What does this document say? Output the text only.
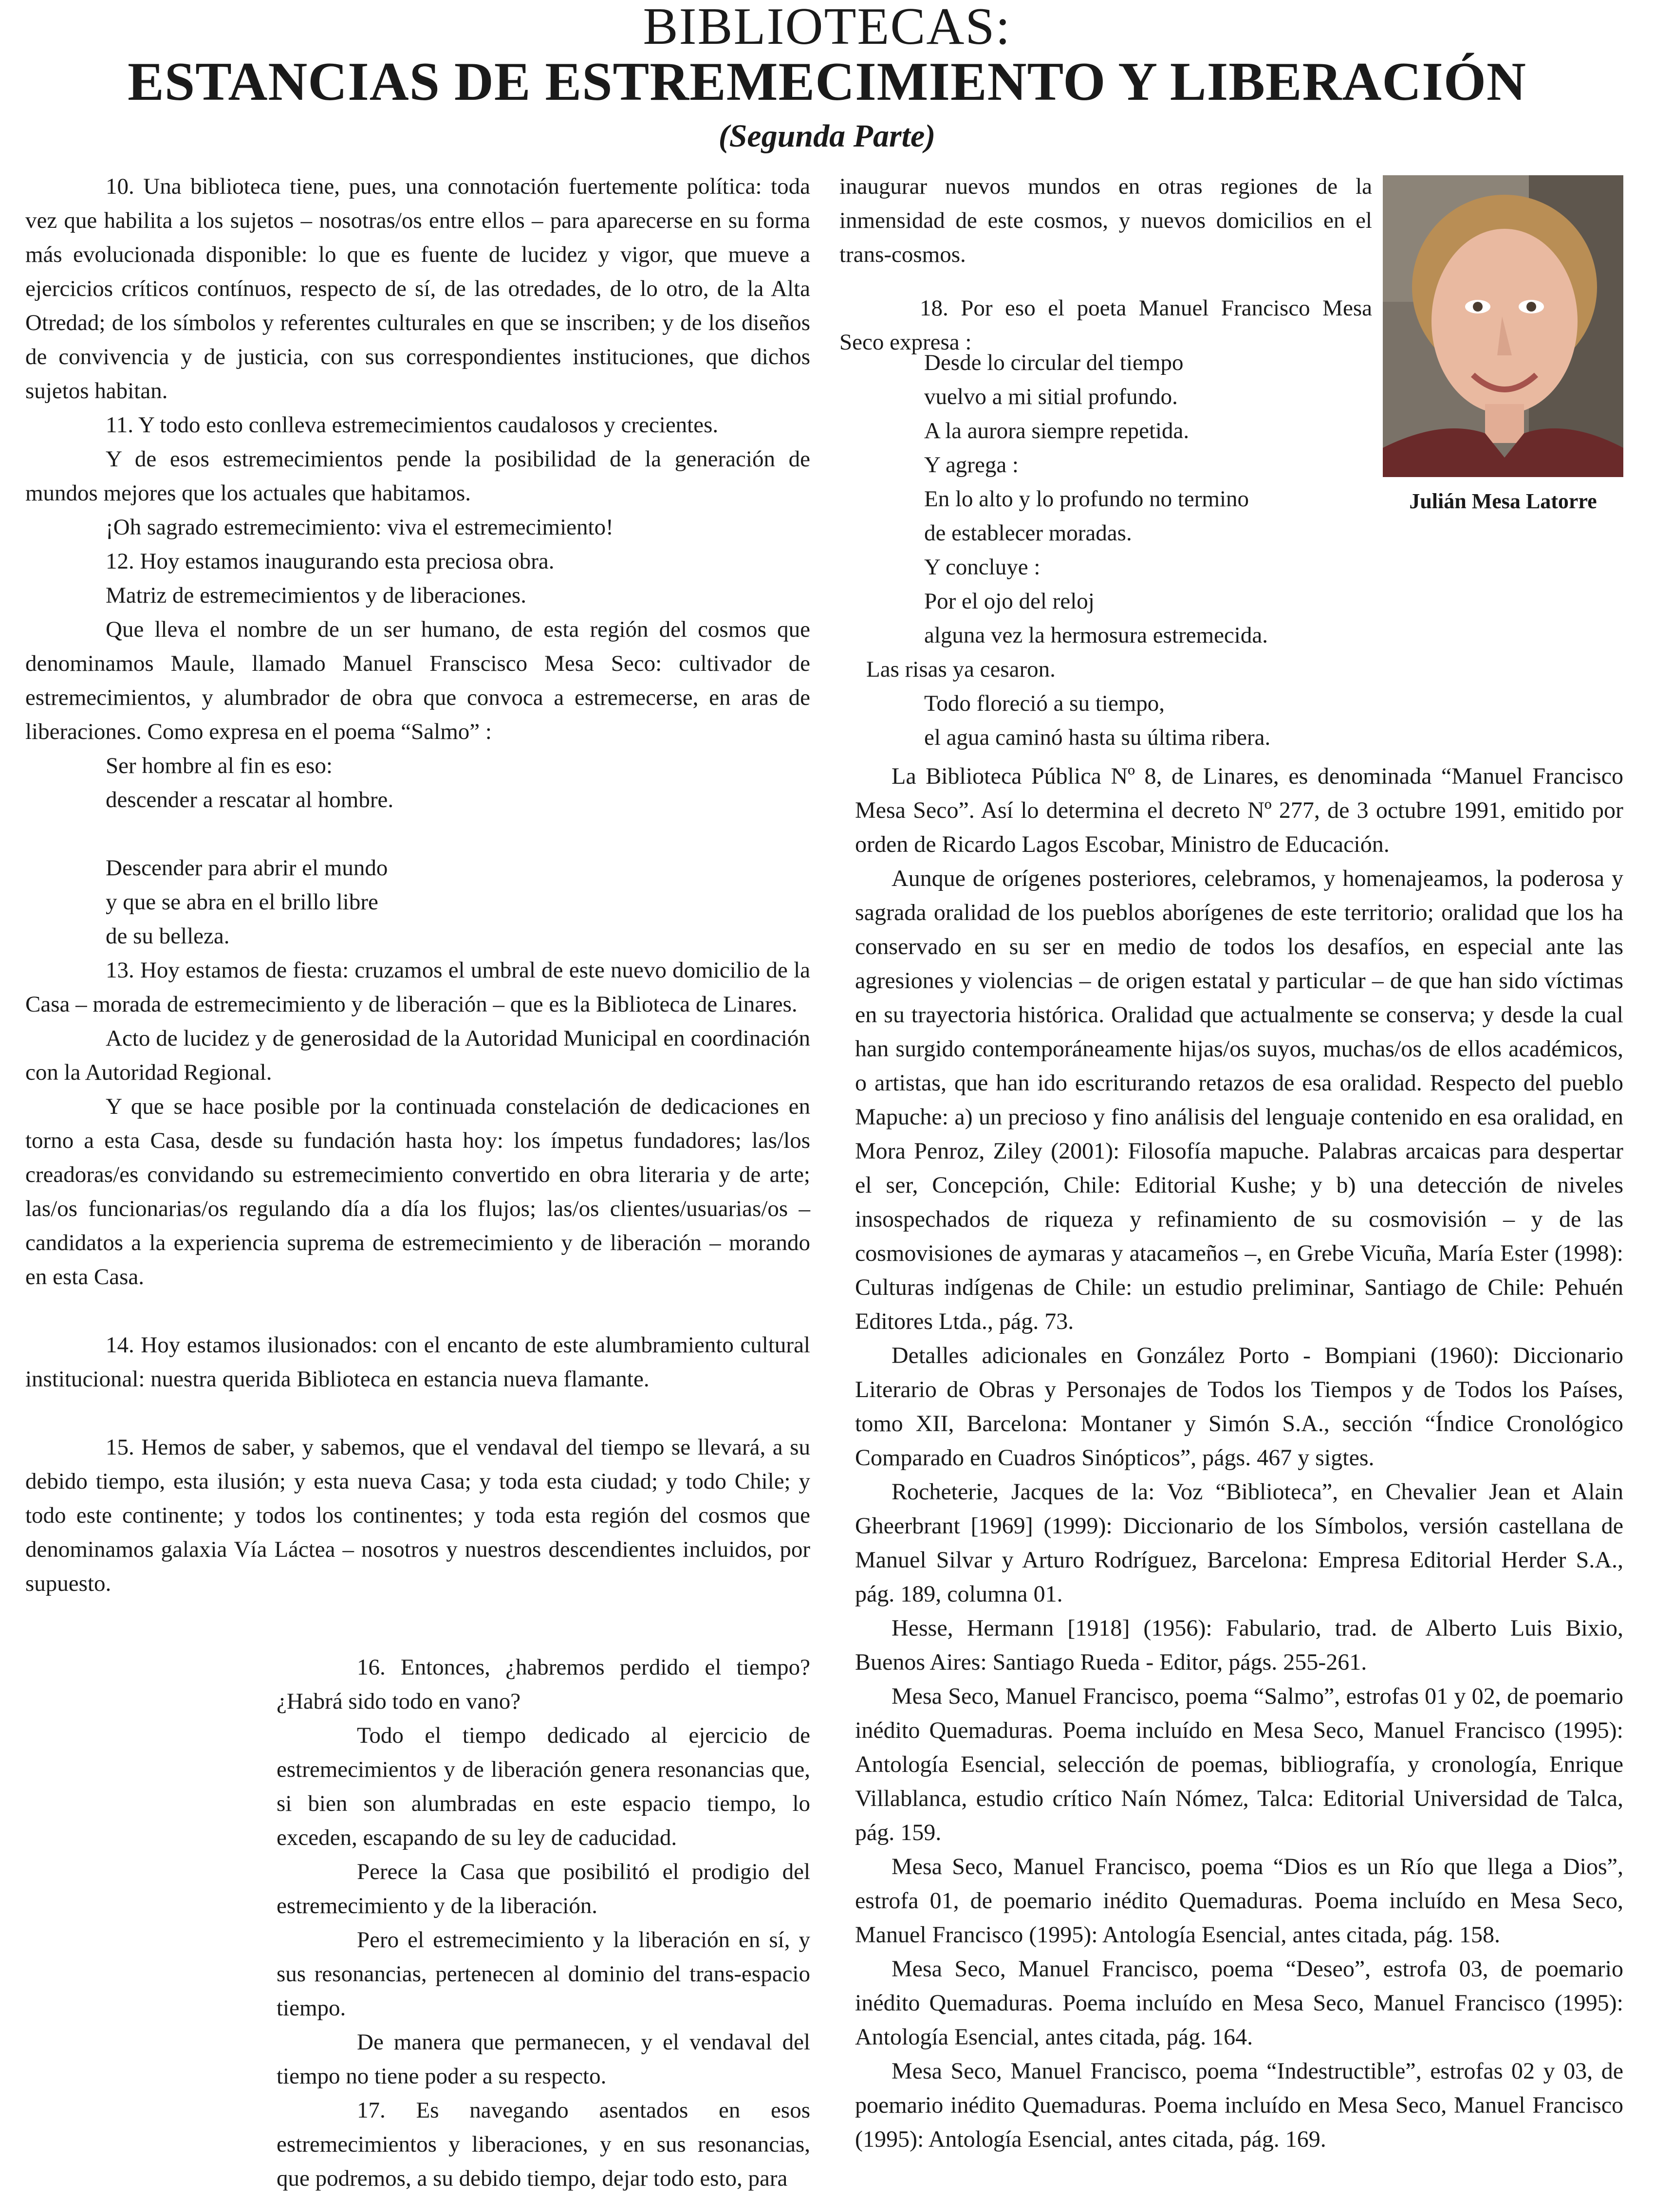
BIBLIOTECAS:
ESTANCIAS DE ESTREMECIMIENTO Y LIBERACIÓN
(Segunda Parte)

10. Una biblioteca tiene, pues, una connotación fuertemente política: toda vez que habilita a los sujetos – nosotras/os entre ellos – para aparecerse en su forma más evolucionada disponible: lo que es fuente de lucidez y vigor, que mueve a ejercicios críticos contínuos, respecto de sí, de las otredades, de lo otro, de la Alta Otredad; de los símbolos y referentes culturales en que se inscriben; y de los diseños de convivencia y de justicia, con sus correspondientes instituciones, que dichos sujetos habitan.

11. Y todo esto conlleva estremecimientos caudalosos y crecientes.

Y de esos estremecimientos pende la posibilidad de la generación de mundos mejores que los actuales que habitamos.

¡Oh sagrado estremecimiento: viva el estremecimiento!

12. Hoy estamos inaugurando esta preciosa obra.

Matriz de estremecimientos y de liberaciones.

Que lleva el nombre de un ser humano, de esta región del cosmos que denominamos Maule, llamado Manuel Franscisco Mesa Seco: cultivador de estremecimientos, y alumbrador de obra que convoca a estremecerse, en aras de liberaciones. Como expresa en el poema “Salmo” :

Ser hombre al fin es eso:

descender a rescatar al hombre.

Descender para abrir el mundo

y que se abra en el brillo libre

de su belleza.

13. Hoy estamos de fiesta: cruzamos el umbral de este nuevo domicilio de la Casa – morada de estremecimiento y de liberación – que es la Biblioteca de Linares.

Acto de lucidez y de generosidad de la Autoridad Municipal en coordinación con la Autoridad Regional.

Y que se hace posible por la continuada constelación de dedicaciones en torno a esta Casa, desde su fundación hasta hoy: los ímpetus fundadores; las/los creadoras/es convidando su estremecimiento convertido en obra literaria y de arte; las/os funcionarias/os regulando día a día los flujos; las/os clientes/usuarias/os – candidatos a la experiencia suprema de estremecimiento y de liberación – morando en esta Casa.

14. Hoy estamos ilusionados: con el encanto de este alumbramiento cultural institucional: nuestra querida Biblioteca en estancia nueva flamante.

15. Hemos de saber, y sabemos, que el vendaval del tiempo se llevará, a su debido tiempo, esta ilusión; y esta nueva Casa; y toda esta ciudad; y todo Chile; y todo este continente; y todos los continentes; y toda esta región del cosmos que denominamos galaxia Vía Láctea – nosotros y nuestros descendientes incluidos, por supuesto.

16. Entonces, ¿habremos perdido el tiempo? ¿Habrá sido todo en vano?

Todo el tiempo dedicado al ejercicio de estremecimientos y de liberación genera resonancias que, si bien son alumbradas en este espacio tiempo, lo exceden, escapando de su ley de caducidad.

Perece la Casa que posibilitó el prodigio del estremecimiento y de la liberación.

Pero el estremecimiento y la liberación en sí, y sus resonancias, pertenecen al dominio del trans-espacio tiempo.

De manera que permanecen, y el vendaval del tiempo no tiene poder a su respecto.

17. Es navegando asentados en esos estremecimientos y liberaciones, y en sus resonancias, que podremos, a su debido tiempo, dejar todo esto, para

inaugurar nuevos mundos en otras regiones de la inmensidad de este cosmos, y nuevos domicilios en el trans-cosmos.

18. Por eso el poeta Manuel Francisco Mesa Seco expresa :

Desde lo circular del tiempo

vuelvo a mi sitial profundo.

A la aurora siempre repetida.

Y agrega :

En lo alto y lo profundo no termino

de establecer moradas.

Y concluye :

Por el ojo del reloj

alguna vez la hermosura estremecida.

Las risas ya cesaron.

Todo floreció a su tiempo,

el agua caminó hasta su última ribera.

Julián Mesa Latorre

La Biblioteca Pública Nº 8, de Linares, es denominada “Manuel Francisco Mesa Seco”. Así lo determina el decreto Nº 277, de 3 octubre 1991, emitido por orden de Ricardo Lagos Escobar, Ministro de Educación.

Aunque de orígenes posteriores, celebramos, y homenajeamos, la poderosa y sagrada oralidad de los pueblos aborígenes de este territorio; oralidad que los ha conservado en su ser en medio de todos los desafíos, en especial ante las agresiones y violencias – de origen estatal y particular – de que han sido víctimas en su trayectoria histórica. Oralidad que actualmente se conserva; y desde la cual han surgido contemporáneamente hijas/os suyos, muchas/os de ellos académicos, o artistas, que han ido escriturando retazos de esa oralidad. Respecto del pueblo Mapuche: a) un precioso y fino análisis del lenguaje contenido en esa oralidad, en Mora Penroz, Ziley (2001): Filosofía mapuche. Palabras arcaicas para despertar el ser, Concepción, Chile: Editorial Kushe; y b) una detección de niveles insospechados de riqueza y refinamiento de su cosmovisión – y de las cosmovisiones de aymaras y atacameños –, en Grebe Vicuña, María Ester (1998): Culturas indígenas de Chile: un estudio preliminar, Santiago de Chile: Pehuén Editores Ltda., pág. 73.

Detalles adicionales en González Porto - Bompiani (1960): Diccionario Literario de Obras y Personajes de Todos los Tiempos y de Todos los Países, tomo XII, Barcelona: Montaner y Simón S.A., sección “Índice Cronológico Comparado en Cuadros Sinópticos”, págs. 467 y sigtes.

Rocheterie, Jacques de la: Voz “Biblioteca”, en Chevalier Jean et Alain Gheerbrant [1969] (1999): Diccionario de los Símbolos, versión castellana de Manuel Silvar y Arturo Rodríguez, Barcelona: Empresa Editorial Herder S.A., pág. 189, columna 01.

Hesse, Hermann [1918] (1956): Fabulario, trad. de Alberto Luis Bixio, Buenos Aires: Santiago Rueda - Editor, págs. 255-261.

Mesa Seco, Manuel Francisco, poema “Salmo”, estrofas 01 y 02, de poemario inédito Quemaduras. Poema incluído en Mesa Seco, Manuel Francisco (1995): Antología Esencial, selección de poemas, bibliografía, y cronología, Enrique Villablanca, estudio crítico Naín Nómez, Talca: Editorial Universidad de Talca, pág. 159.

Mesa Seco, Manuel Francisco, poema “Dios es un Río que llega a Dios”, estrofa 01, de poemario inédito Quemaduras. Poema incluído en Mesa Seco, Manuel Francisco (1995): Antología Esencial, antes citada, pág. 158.

Mesa Seco, Manuel Francisco, poema “Deseo”, estrofa 03, de poemario inédito Quemaduras. Poema incluído en Mesa Seco, Manuel Francisco (1995): Antología Esencial, antes citada, pág. 164.

Mesa Seco, Manuel Francisco, poema “Indestructible”, estrofas 02 y 03, de poemario inédito Quemaduras. Poema incluído en Mesa Seco, Manuel Francisco (1995): Antología Esencial, antes citada, pág. 169.
